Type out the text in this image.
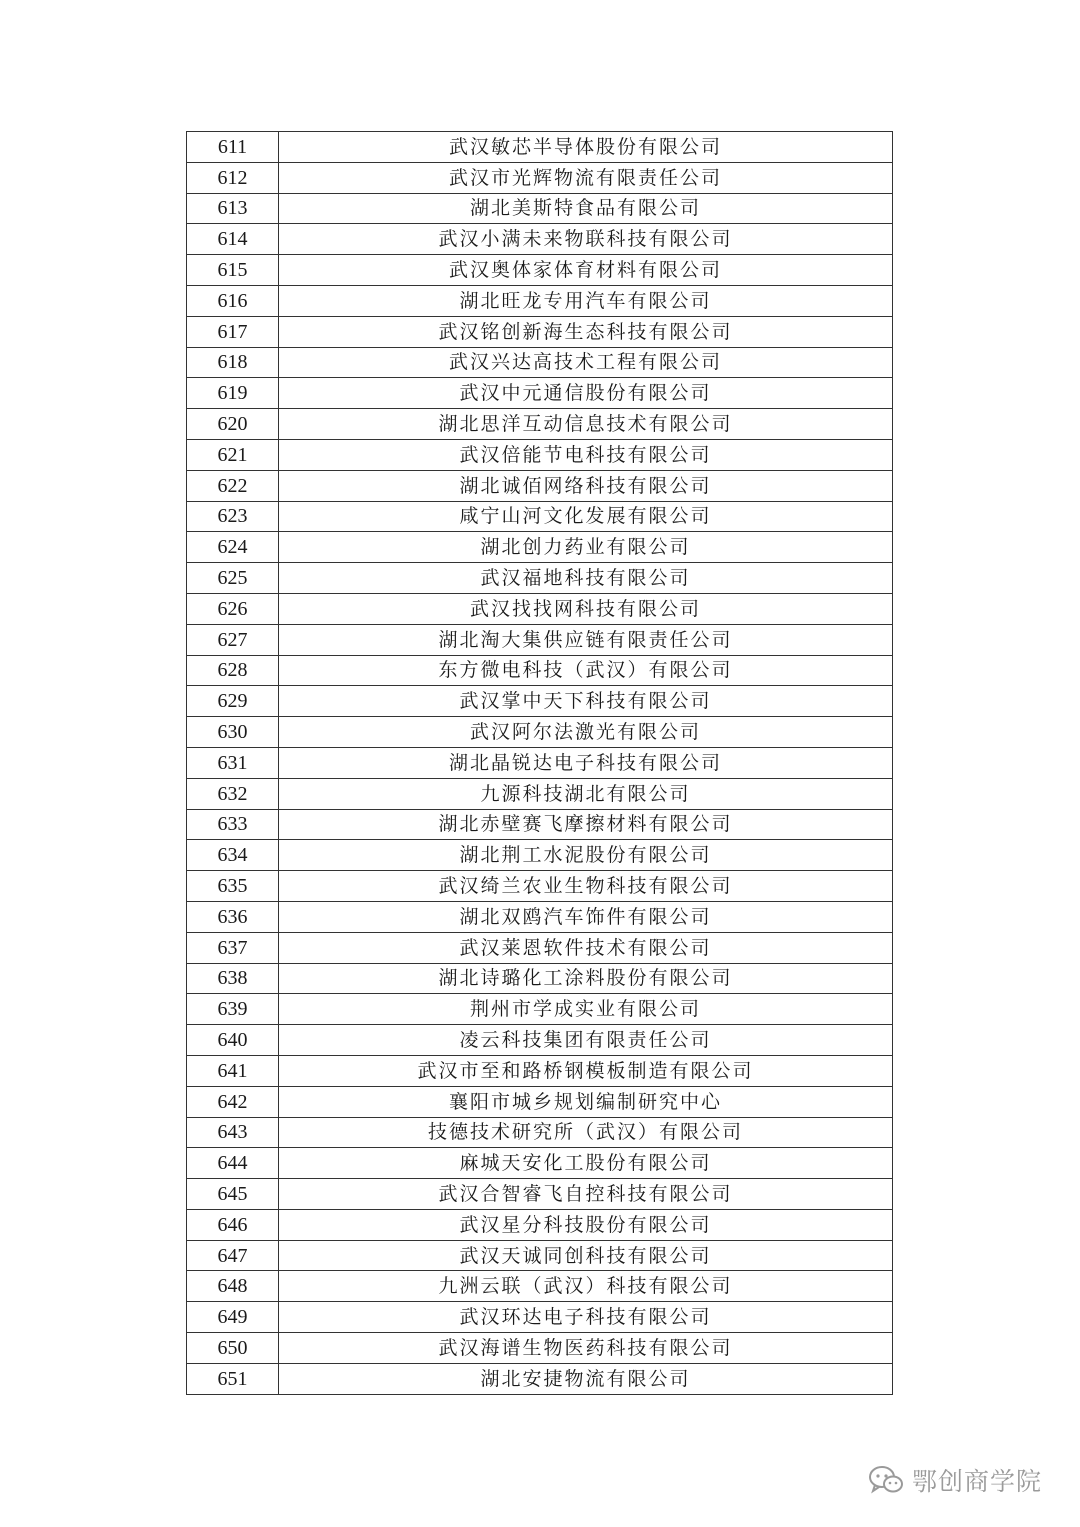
611	武汉敏芯半导体股份有限公司
612	武汉市光辉物流有限责任公司
613	湖北美斯特食品有限公司
614	武汉小满未来物联科技有限公司
615	武汉奥体家体育材料有限公司
616	湖北旺龙专用汽车有限公司
617	武汉铭创新海生态科技有限公司
618	武汉兴达高技术工程有限公司
619	武汉中元通信股份有限公司
620	湖北思洋互动信息技术有限公司
621	武汉倍能节电科技有限公司
622	湖北诚佰网络科技有限公司
623	咸宁山河文化发展有限公司
624	湖北创力药业有限公司
625	武汉福地科技有限公司
626	武汉找找网科技有限公司
627	湖北淘大集供应链有限责任公司
628	东方微电科技（武汉）有限公司
629	武汉掌中天下科技有限公司
630	武汉阿尔法激光有限公司
631	湖北晶锐达电子科技有限公司
632	九源科技湖北有限公司
633	湖北赤壁赛飞摩擦材料有限公司
634	湖北荆工水泥股份有限公司
635	武汉绮兰农业生物科技有限公司
636	湖北双鸥汽车饰件有限公司
637	武汉莱恩软件技术有限公司
638	湖北诗璐化工涂料股份有限公司
639	荆州市学成实业有限公司
640	凌云科技集团有限责任公司
641	武汉市至和路桥钢模板制造有限公司
642	襄阳市城乡规划编制研究中心
643	技德技术研究所（武汉）有限公司
644	麻城天安化工股份有限公司
645	武汉合智睿飞自控科技有限公司
646	武汉星分科技股份有限公司
647	武汉天诚同创科技有限公司
648	九洲云联（武汉）科技有限公司
649	武汉环达电子科技有限公司
650	武汉海谱生物医药科技有限公司
651	湖北安捷物流有限公司
鄂创商学院
